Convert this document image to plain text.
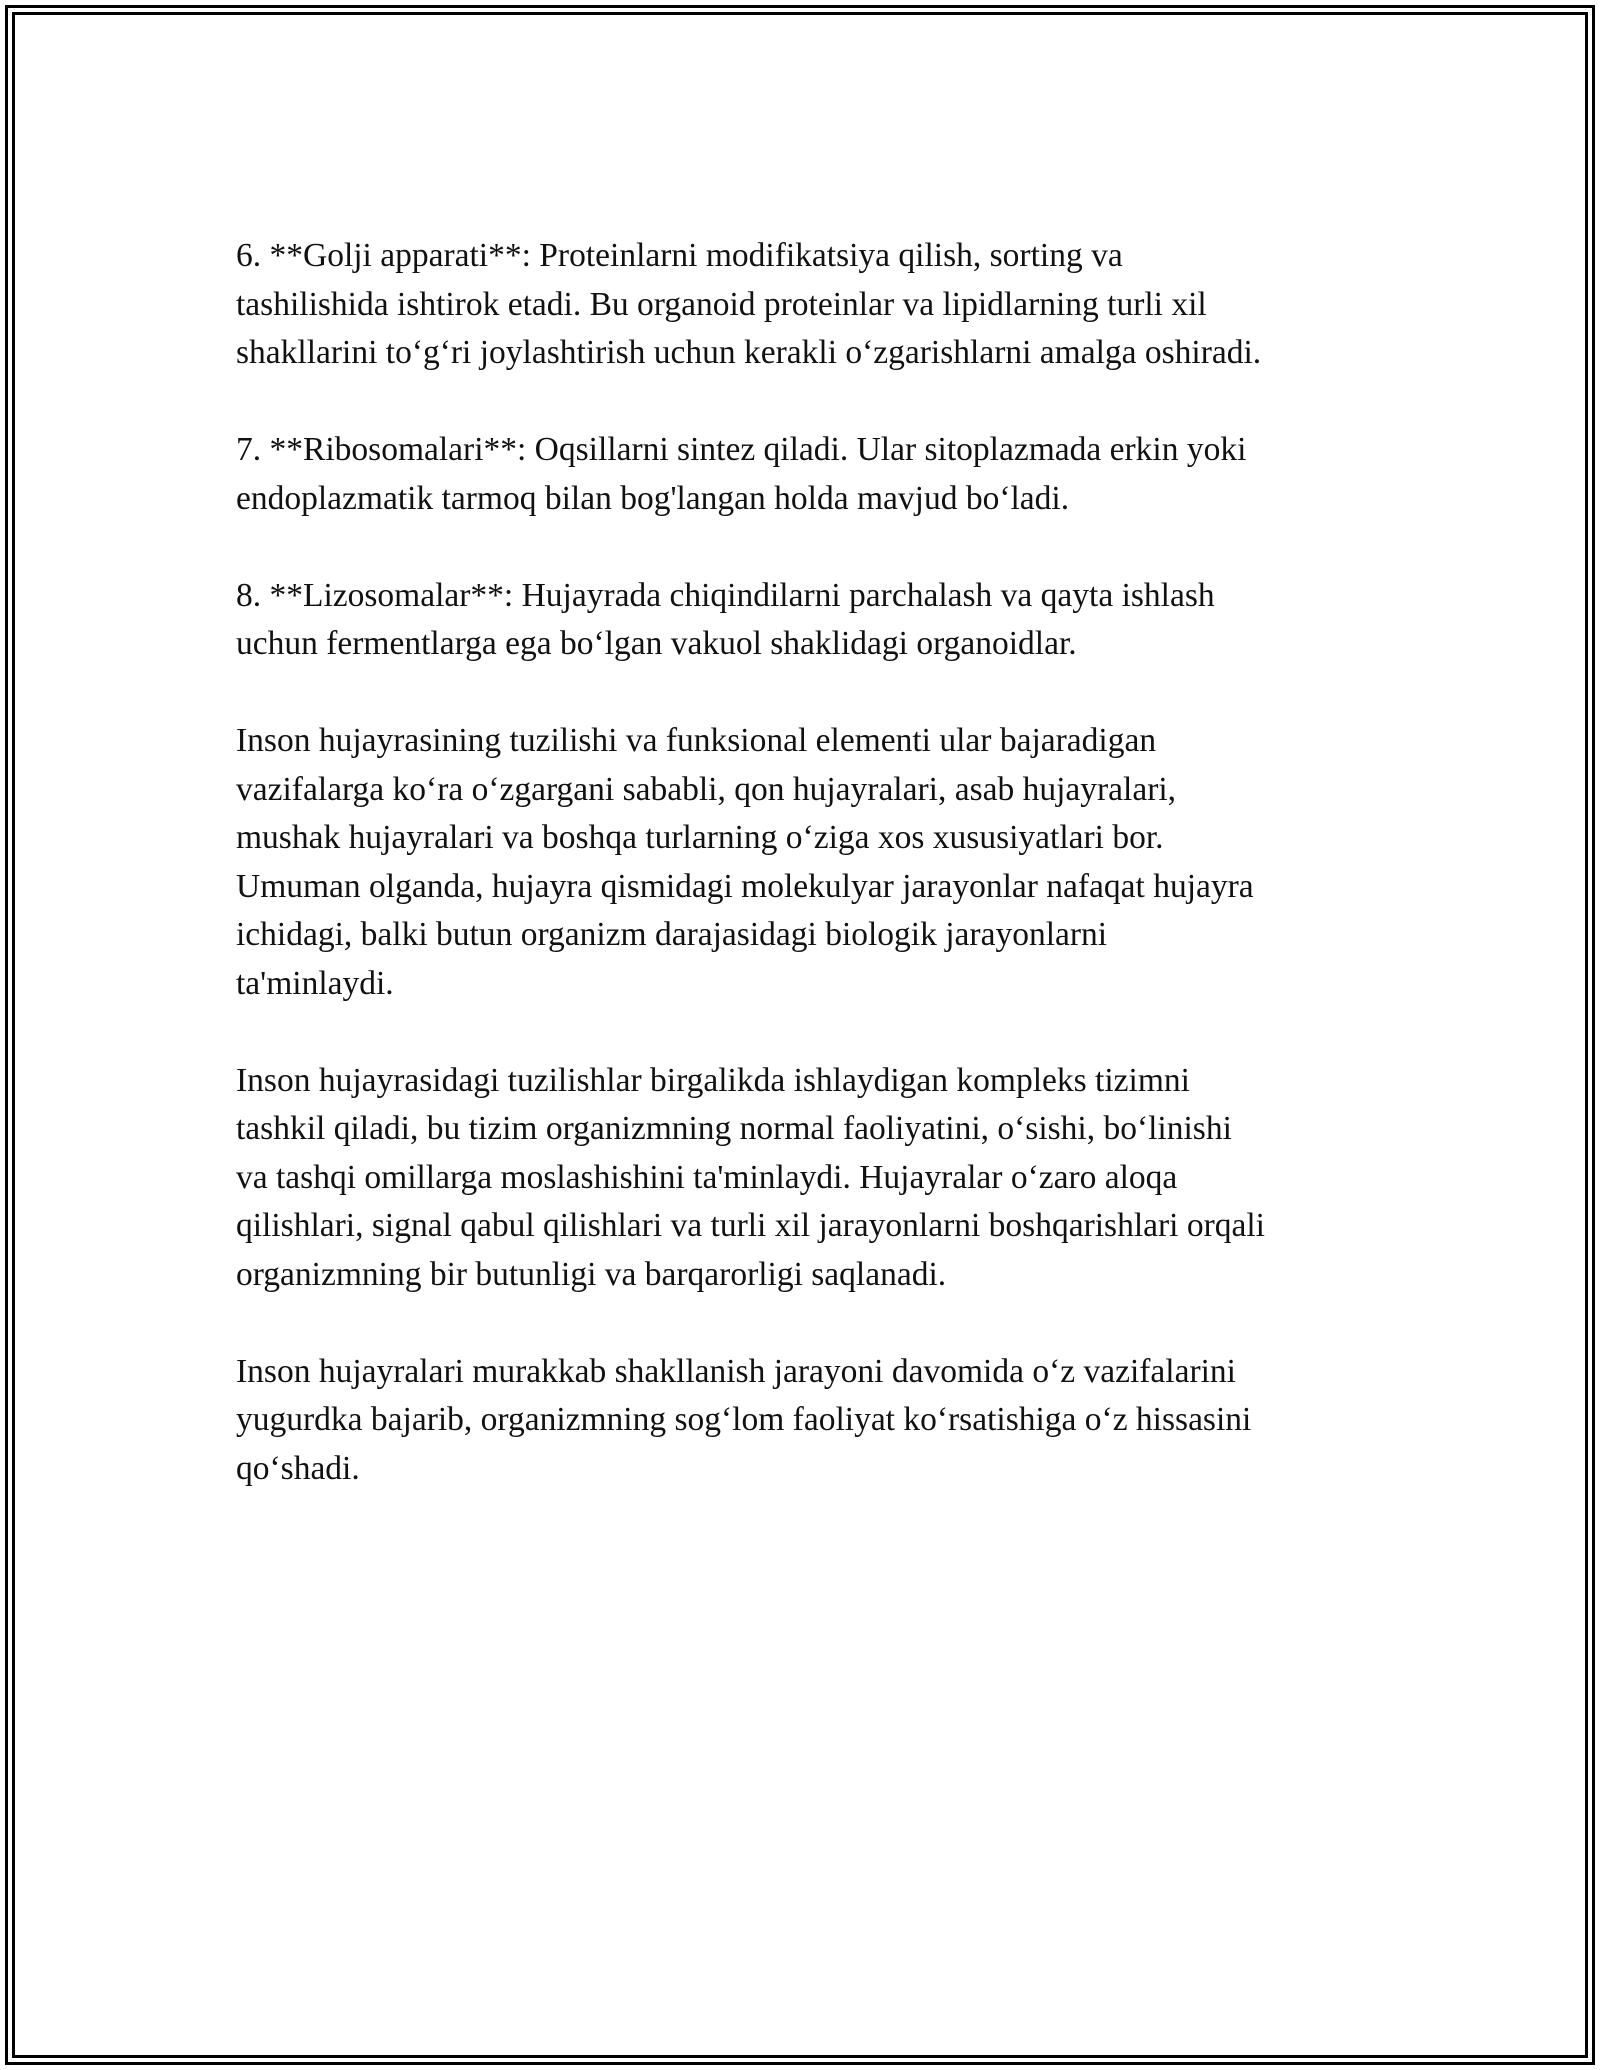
6. **Golji apparati**: Proteinlarni modifikatsiya qilish, sorting va
tashilishida ishtirok etadi. Bu organoid proteinlar va lipidlarning turli xil
shakllarini to‘g‘ri joylashtirish uchun kerakli o‘zgarishlarni amalga oshiradi.

7. **Ribosomalari**: Oqsillarni sintez qiladi. Ular sitoplazmada erkin yoki
endoplazmatik tarmoq bilan bog'langan holda mavjud bo‘ladi.

8. **Lizosomalar**: Hujayrada chiqindilarni parchalash va qayta ishlash
uchun fermentlarga ega bo‘lgan vakuol shaklidagi organoidlar.

Inson hujayrasining tuzilishi va funksional elementi ular bajaradigan
vazifalarga ko‘ra o‘zgargani sababli, qon hujayralari, asab hujayralari,
mushak hujayralari va boshqa turlarning o‘ziga xos xususiyatlari bor.
Umuman olganda, hujayra qismidagi molekulyar jarayonlar nafaqat hujayra
ichidagi, balki butun organizm darajasidagi biologik jarayonlarni
ta'minlaydi.

Inson hujayrasidagi tuzilishlar birgalikda ishlaydigan kompleks tizimni
tashkil qiladi, bu tizim organizmning normal faoliyatini, o‘sishi, bo‘linishi
va tashqi omillarga moslashishini ta'minlaydi. Hujayralar o‘zaro aloqa
qilishlari, signal qabul qilishlari va turli xil jarayonlarni boshqarishlari orqali
organizmning bir butunligi va barqarorligi saqlanadi.

Inson hujayralari murakkab shakllanish jarayoni davomida o‘z vazifalarini
yugurdka bajarib, organizmning sog‘lom faoliyat ko‘rsatishiga o‘z hissasini
qo‘shadi.
